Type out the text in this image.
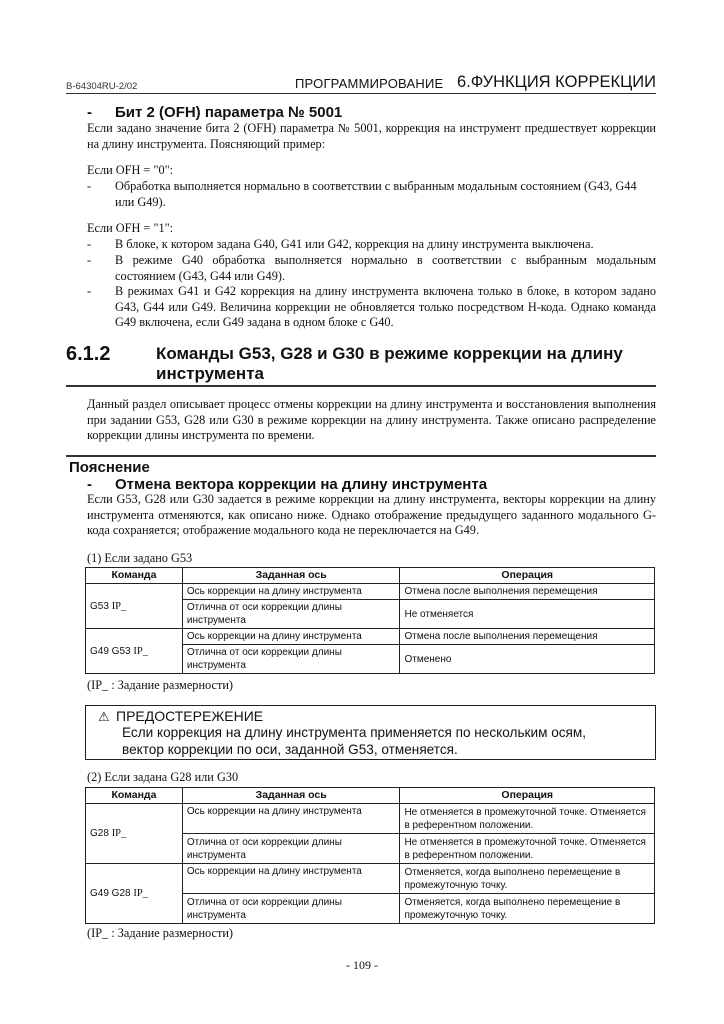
B-64304RU-2/02	ПРОГРАММИРОВАНИЕ 6.ФУНКЦИЯ КОРРЕКЦИИ
- Бит 2 (OFH) параметра № 5001
Если задано значение бита 2 (OFH) параметра № 5001, коррекция на инструмент предшествует коррекции на длину инструмента. Поясняющий пример:
Если OFH = "0":
-	Обработка выполняется нормально в соответствии с выбранным модальным состоянием (G43, G44 или G49).
Если OFH = "1":
-	В блоке, к котором задана G40, G41 или G42, коррекция на длину инструмента выключена.
-	В режиме G40 обработка выполняется нормально в соответствии с выбранным модальным состоянием (G43, G44 или G49).
-	В режимах G41 и G42 коррекция на длину инструмента включена только в блоке, в котором задано G43, G44 или G49. Величина коррекции не обновляется только посредством H-кода. Однако команда G49 включена, если G49 задана в одном блоке с G40.
6.1.2	Команды G53, G28 и G30 в режиме коррекции на длину инструмента
Данный раздел описывает процесс отмены коррекции на длину инструмента и восстановления выполнения при задании G53, G28 или G30 в режиме коррекции на длину инструмента. Также описано распределение коррекции длины инструмента по времени.
Пояснение
- Отмена вектора коррекции на длину инструмента
Если G53, G28 или G30 задается в режиме коррекции на длину инструмента, векторы коррекции на длину инструмента отменяются, как описано ниже. Однако отображение предыдущего заданного модального G-кода сохраняется; отображение модального кода не переключается на G49.
(1) Если задано G53
Команда	Заданная ось	Операция
G53 IP_	Ось коррекции на длину инструмента	Отмена после выполнения перемещения
	Отлична от оси коррекции длины инструмента	Не отменяется
G49 G53 IP_	Ось коррекции на длину инструмента	Отмена после выполнения перемещения
	Отлична от оси коррекции длины инструмента	Отменено
(IP_ : Задание размерности)
⚠ ПРЕДОСТЕРЕЖЕНИЕ
Если коррекция на длину инструмента применяется по нескольким осям,
вектор коррекции по оси, заданной G53, отменяется.
(2) Если задана G28 или G30
Команда	Заданная ось	Операция
G28 IP_	Ось коррекции на длину инструмента	Не отменяется в промежуточной точке. Отменяется в референтном положении.
	Отлична от оси коррекции длины инструмента	Не отменяется в промежуточной точке. Отменяется в референтном положении.
G49 G28 IP_	Ось коррекции на длину инструмента	Отменяется, когда выполнено перемещение в промежуточную точку.
	Отлична от оси коррекции длины инструмента	Отменяется, когда выполнено перемещение в промежуточную точку.
(IP_ : Задание размерности)
- 109 -
